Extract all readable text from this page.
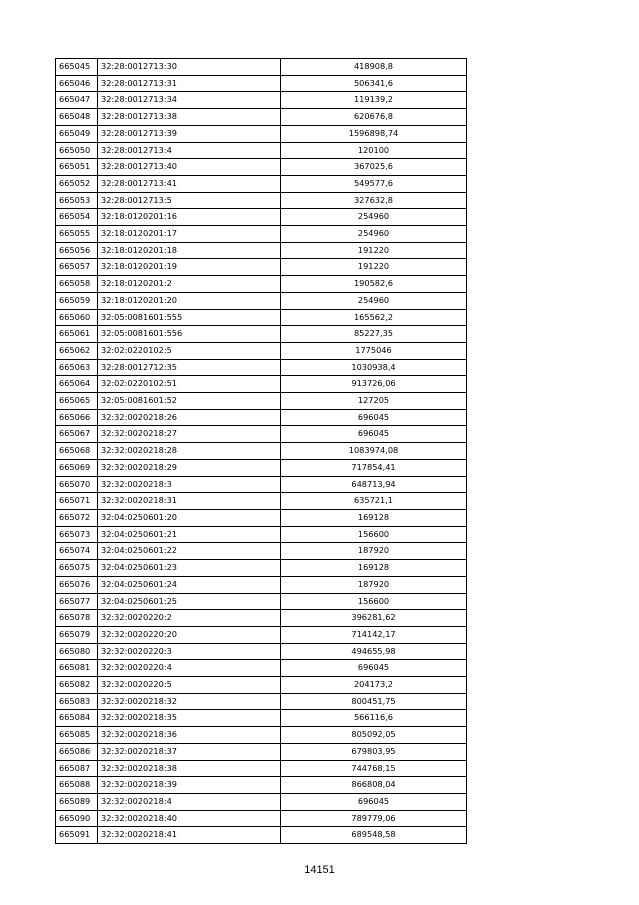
665045	32:28:0012713:30	418908,8
665046	32:28:0012713:31	506341,6
665047	32:28:0012713:34	119139,2
665048	32:28:0012713:38	620676,8
665049	32:28:0012713:39	1596898,74
665050	32:28:0012713:4	120100
665051	32:28:0012713:40	367025,6
665052	32:28:0012713:41	549577,6
665053	32:28:0012713:5	327632,8
665054	32:18:0120201:16	254960
665055	32:18:0120201:17	254960
665056	32:18:0120201:18	191220
665057	32:18:0120201:19	191220
665058	32:18:0120201:2	190582,6
665059	32:18:0120201:20	254960
665060	32:05:0081601:555	165562,2
665061	32:05:0081601:556	85227,35
665062	32:02:0220102:5	1775046
665063	32:28:0012712:35	1030938,4
665064	32:02:0220102:51	913726,06
665065	32:05:0081601:52	127205
665066	32:32:0020218:26	696045
665067	32:32:0020218:27	696045
665068	32:32:0020218:28	1083974,08
665069	32:32:0020218:29	717854,41
665070	32:32:0020218:3	648713,94
665071	32:32:0020218:31	635721,1
665072	32:04:0250601:20	169128
665073	32:04:0250601:21	156600
665074	32:04:0250601:22	187920
665075	32:04:0250601:23	169128
665076	32:04:0250601:24	187920
665077	32:04:0250601:25	156600
665078	32:32:0020220:2	396281,62
665079	32:32:0020220:20	714142,17
665080	32:32:0020220:3	494655,98
665081	32:32:0020220:4	696045
665082	32:32:0020220:5	204173,2
665083	32:32:0020218:32	800451,75
665084	32:32:0020218:35	566116,6
665085	32:32:0020218:36	805092,05
665086	32:32:0020218:37	679803,95
665087	32:32:0020218:38	744768,15
665088	32:32:0020218:39	866808,04
665089	32:32:0020218:4	696045
665090	32:32:0020218:40	789779,06
665091	32:32:0020218:41	689548,58
14151
